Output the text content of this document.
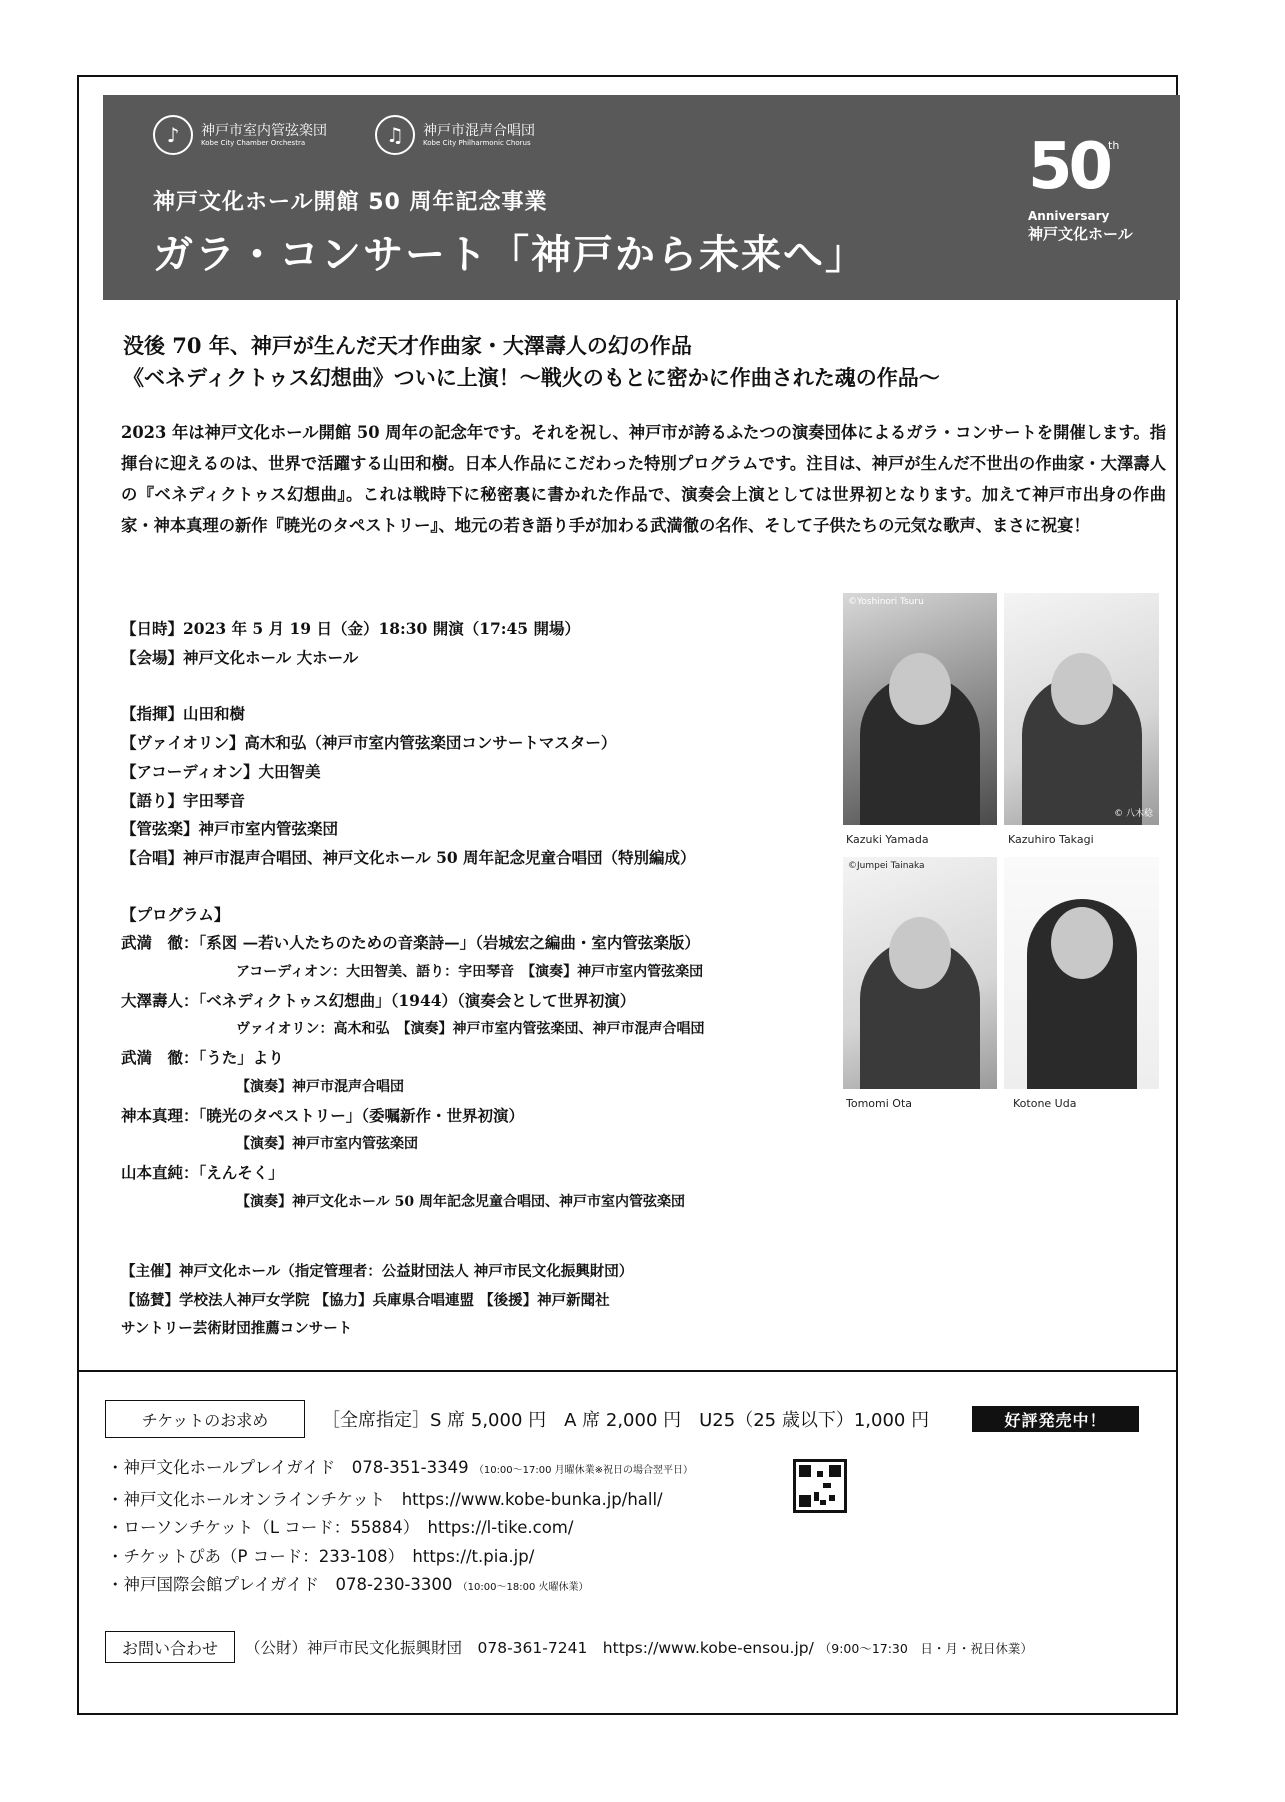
♪	神戸市室内管弦楽団
Kobe City Chamber Orchestra	♫	神戸市混声合唱団
Kobe City Philharmonic Chorus
神戸文化ホール開館 50 周年記念事業
ガラ・コンサート「神戸から未来へ」
50
th
Anniversary
神戸文化ホール
没後 70 年、神戸が生んだ天才作曲家・大澤壽人の幻の作品
《ベネディクトゥス幻想曲》ついに上演！～戦火のもとに密かに作曲された魂の作品～
2023 年は神戸文化ホール開館 50 周年の記念年です。それを祝し、神戸市が誇るふたつの演奏団体によるガラ・コンサートを開催します。指揮台に迎えるのは、世界で活躍する山田和樹。日本人作品にこだわった特別プログラムです。注目は、神戸が生んだ不世出の作曲家・大澤壽人の『ベネディクトゥス幻想曲』。これは戦時下に秘密裏に書かれた作品で、演奏会上演としては世界初となります。加えて神戸市出身の作曲家・神本真理の新作『暁光のタペストリー』、地元の若き語り手が加わる武満徹の名作、そして子供たちの元気な歌声、まさに祝宴！
【日時】2023 年 5 月 19 日（金）18:30 開演（17:45 開場）
【会場】神戸文化ホール 大ホール
【指揮】山田和樹
【ヴァイオリン】高木和弘（神戸市室内管弦楽団コンサートマスター）
【アコーディオン】大田智美
【語り】宇田琴音
【管弦楽】神戸市室内管弦楽団
【合唱】神戸市混声合唱団、神戸文化ホール 50 周年記念児童合唱団（特別編成）
【プログラム】
武満　徹：「系図 —若い人たちのための音楽詩—」（岩城宏之編曲・室内管弦楽版）
アコーディオン：大田智美、語り：宇田琴音　【演奏】神戸市室内管弦楽団
大澤壽人：「ベネディクトゥス幻想曲」（1944）（演奏会として世界初演）
ヴァイオリン：高木和弘　【演奏】神戸市室内管弦楽団、神戸市混声合唱団
武満　徹：「うた」より
【演奏】神戸市混声合唱団
神本真理：「暁光のタペストリー」（委嘱新作・世界初演）
【演奏】神戸市室内管弦楽団
山本直純：「えんそく」
【演奏】神戸文化ホール 50 周年記念児童合唱団、神戸市室内管弦楽団
【主催】神戸文化ホール（指定管理者：公益財団法人 神戸市民文化振興財団）
【協賛】学校法人神戸女学院 【協力】兵庫県合唱連盟 【後援】神戸新聞社
サントリー芸術財団推薦コンサート
©Yoshinori Tsuru
Kazuki Yamada
© 八木稔
Kazuhiro Takagi
©Jumpei Tainaka
Tomomi Ota	Kotone Uda
チケットのお求め	［全席指定］S 席 5,000 円　A 席 2,000 円　U25（25 歳以下）1,000 円	好評発売中！
・神戸文化ホールプレイガイド　078-351-3349 （10:00～17:00 月曜休業※祝日の場合翌平日）
・神戸文化ホールオンラインチケット　https://www.kobe-bunka.jp/hall/
・ローソンチケット（L コード：55884）　https://l-tike.com/
・チケットぴあ（P コード：233-108）　https://t.pia.jp/
・神戸国際会館プレイガイド　078-230-3300 （10:00～18:00 火曜休業）
お問い合わせ	（公財）神戸市民文化振興財団　078-361-7241　https://www.kobe-ensou.jp/ （9:00～17:30　日・月・祝日休業）
